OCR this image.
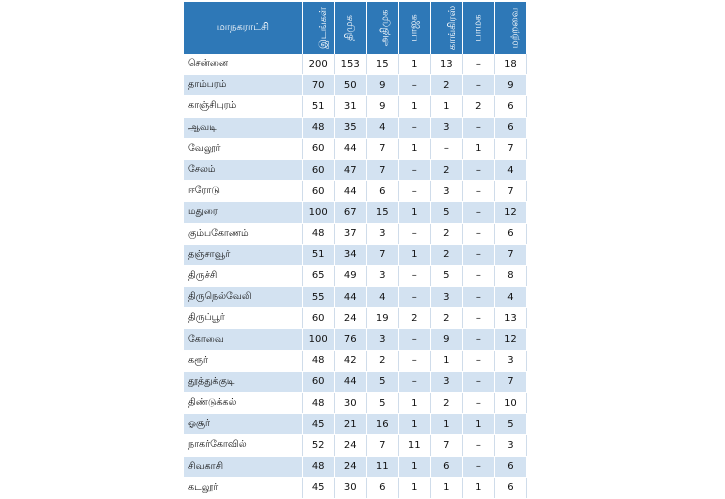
மாநகராட்சி	இடங்கள்	திமுக	அதிமுக	பாஜக	காங்கிரஸ்	பாமக	மற்றவை
சென்னை	200	153	15	1	13	–	18
தாம்பரம்	70	50	9	–	2	–	9
காஞ்சிபுரம்	51	31	9	1	1	2	6
ஆவடி	48	35	4	–	3	–	6
வேலூர்	60	44	7	1	–	1	7
சேலம்	60	47	7	–	2	–	4
ஈரோடு	60	44	6	–	3	–	7
மதுரை	100	67	15	1	5	–	12
கும்பகோணம்	48	37	3	–	2	–	6
தஞ்சாவூர்	51	34	7	1	2	–	7
திருச்சி	65	49	3	–	5	–	8
திருநெல்வேலி	55	44	4	–	3	–	4
திருப்பூர்	60	24	19	2	2	–	13
கோவை	100	76	3	–	9	–	12
கரூர்	48	42	2	–	1	–	3
தூத்துக்குடி	60	44	5	–	3	–	7
திண்டுக்கல்	48	30	5	1	2	–	10
ஓசூர்	45	21	16	1	1	1	5
நாகர்கோவில்	52	24	7	11	7	–	3
சிவகாசி	48	24	11	1	6	–	6
கடலூர்	45	30	6	1	1	1	6
